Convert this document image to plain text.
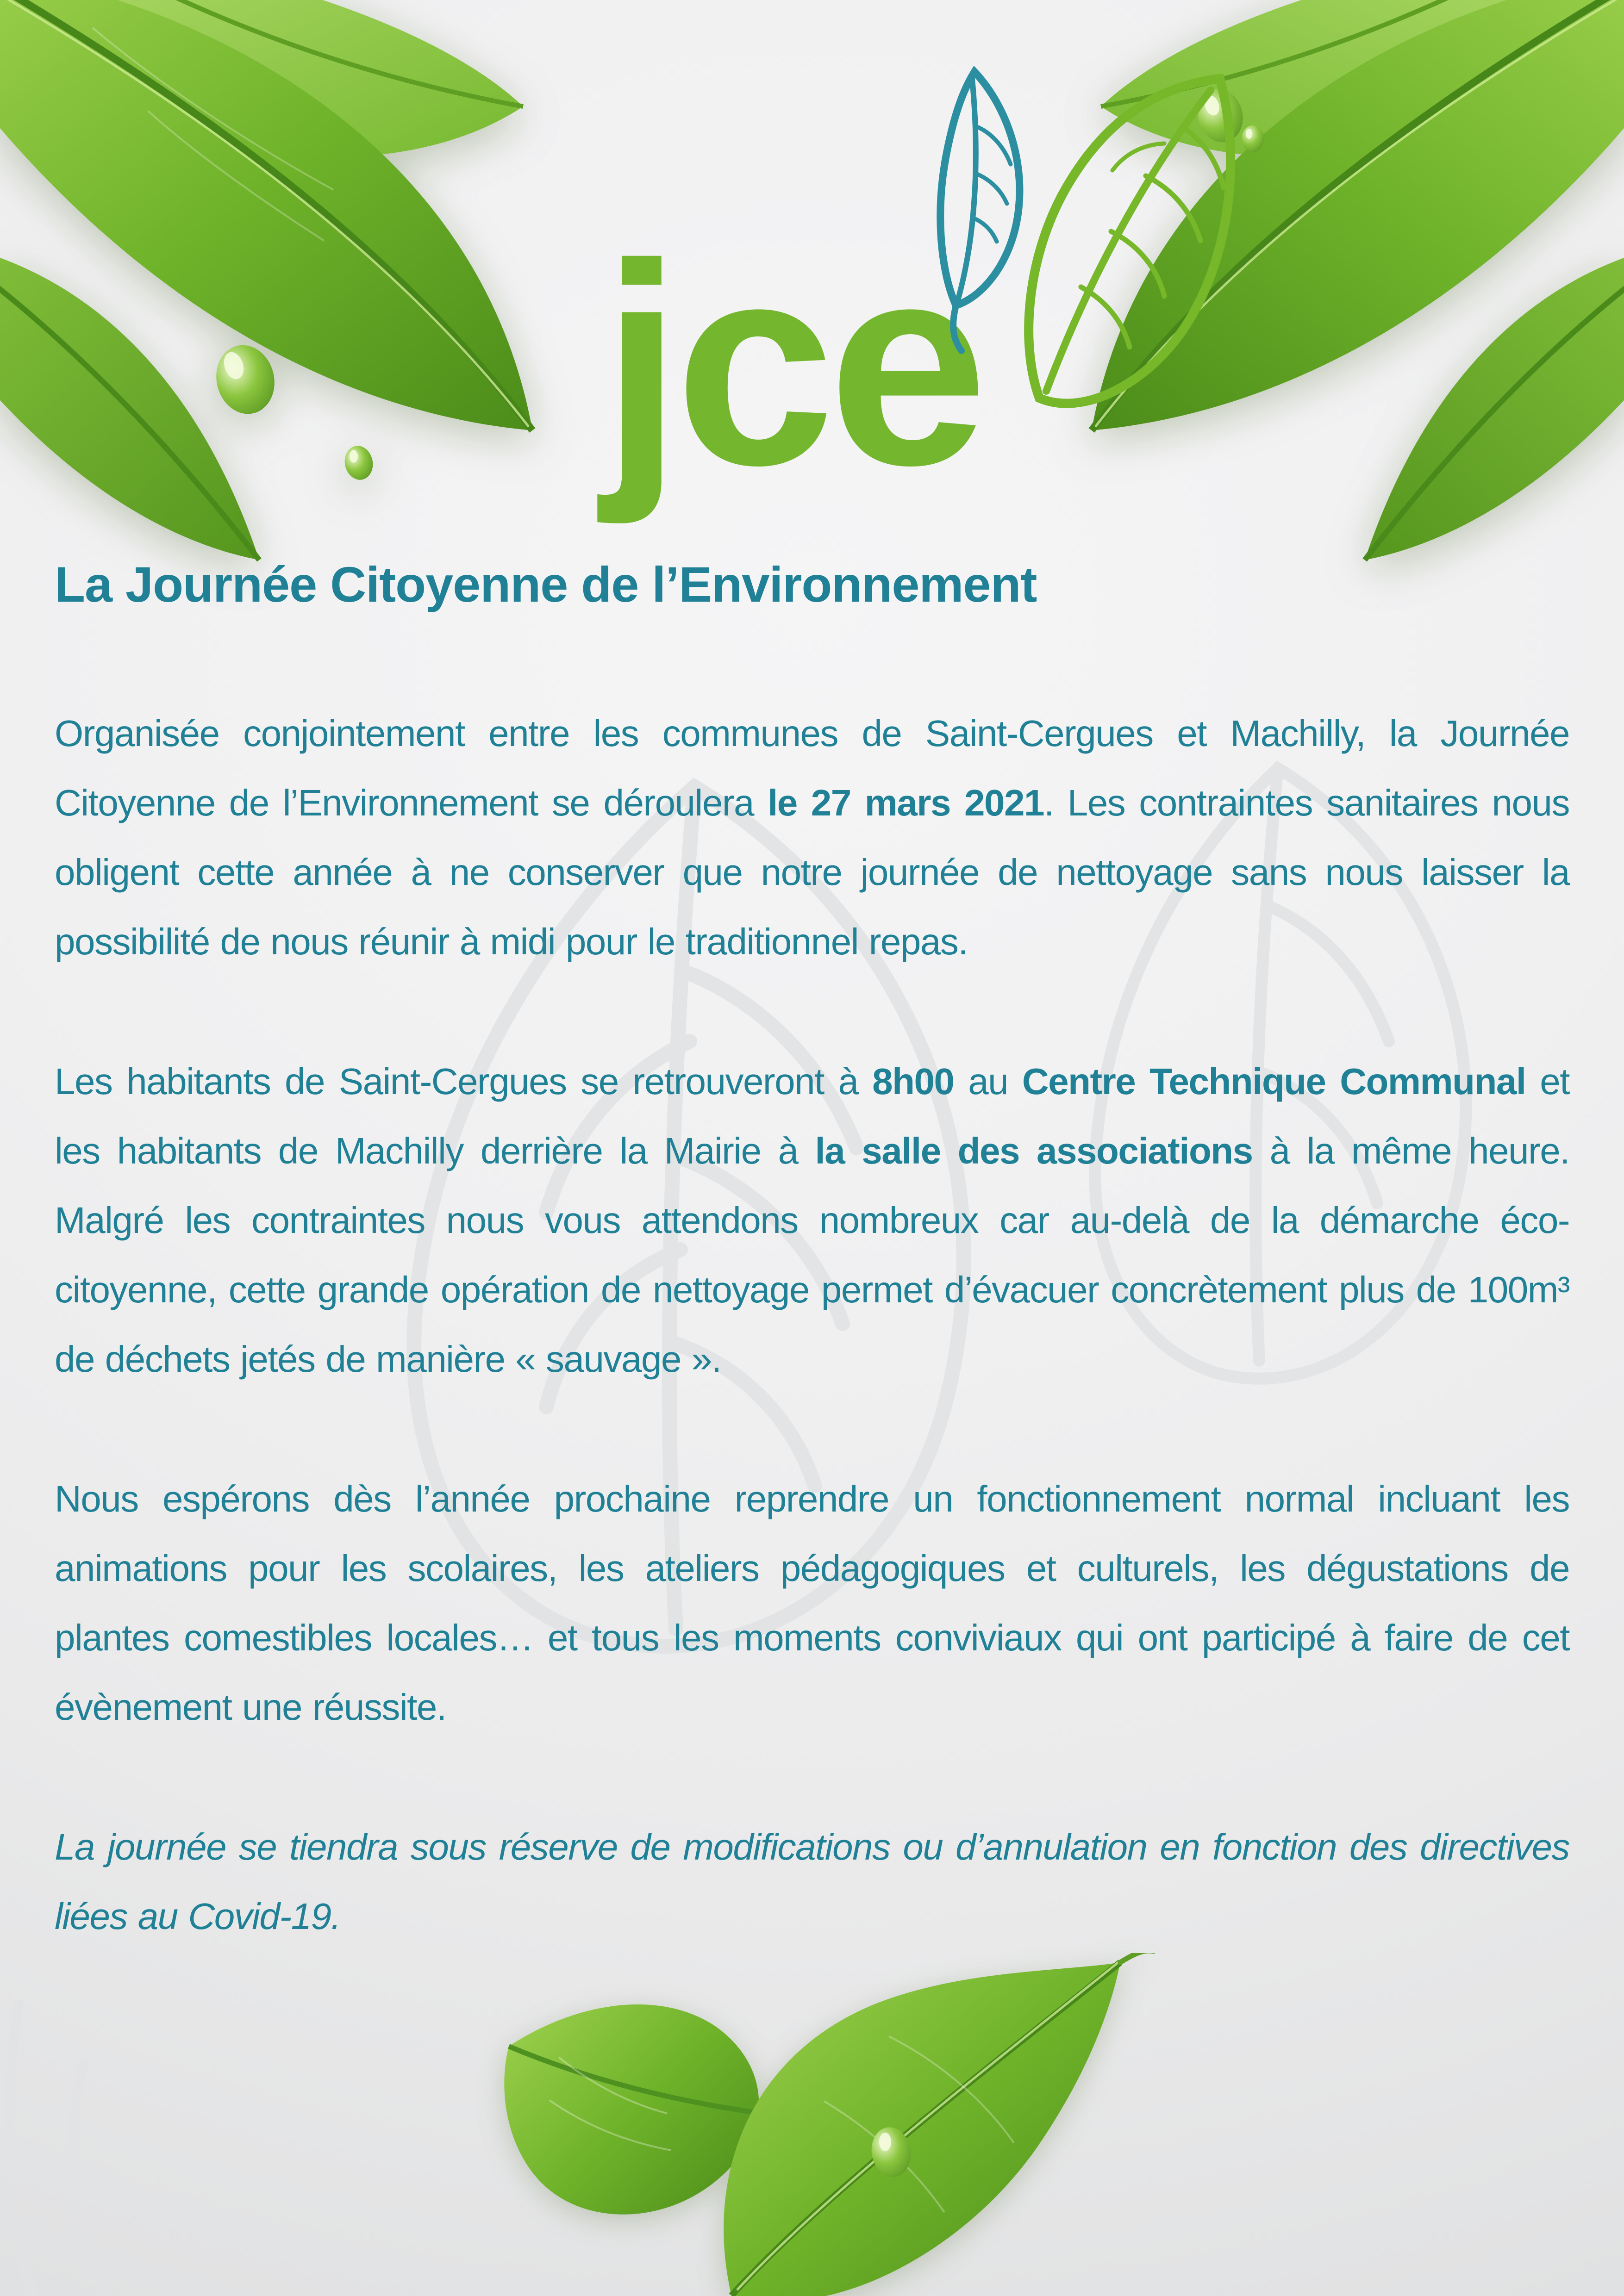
jce
La Journée Citoyenne de l’Environnement

Organisée conjointement entre les communes de Saint-Cergues et Machilly, la Journée Citoyenne de l’Environnement se déroulera le 27 mars 2021. Les contraintes sanitaires nous obligent cette année à ne conserver que notre journée de nettoyage sans nous laisser la possibilité de nous réunir à midi pour le traditionnel repas.

Les habitants de Saint-Cergues se retrouveront à 8h00 au Centre Technique Communal et les habitants de Machilly derrière la Mairie à la salle des associations à la même heure. Malgré les contraintes nous vous attendons nombreux car au-delà de la démarche éco-citoyenne, cette grande opération de nettoyage permet d’évacuer concrètement plus de 100m³ de déchets jetés de manière « sauvage ».

Nous espérons dès l’année prochaine reprendre un fonctionnement normal incluant les animations pour les scolaires, les ateliers pédagogiques et culturels, les dégustations de plantes comestibles locales… et tous les moments conviviaux qui ont participé à faire de cet évènement une réussite.

La journée se tiendra sous réserve de modifications ou d’annulation en fonction des directives liées au Covid-19.
